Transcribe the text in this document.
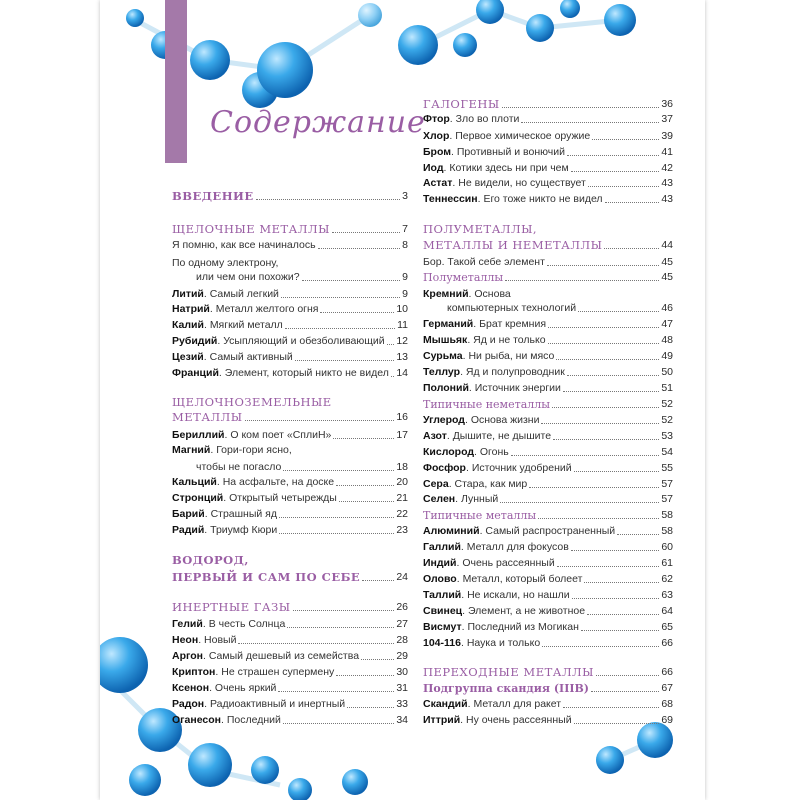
Содержание
ВВЕДЕНИЕ	3
ЩЕЛОЧНЫЕ МЕТАЛЛЫ	7
Я помню, как все начиналось	8
По одному электрону,
или чем они похожи?	9
Литий. Самый легкий	9
Натрий. Металл желтого огня	10
Калий. Мягкий металл	11
Рубидий. Усыпляющий и обезболивающий 12
Цезий. Самый активный	13
Франций. Элемент, который никто не видел 14
ЩЕЛОЧНОЗЕМЕЛЬНЫЕ
МЕТАЛЛЫ	16
Бериллий. О ком поет «СплиН»	17
Магний. Гори-гори ясно,
чтобы не погасло	18
Кальций. На асфальте, на доске	20
Стронций. Открытый четырежды	21
Барий. Страшный яд	22
Радий. Триумф Кюри	23
ВОДОРОД,
ПЕРВЫЙ И САМ ПО СЕБЕ	24
ИНЕРТНЫЕ ГАЗЫ	26
Гелий. В честь Солнца	27
Неон. Новый	28
Аргон. Самый дешевый из семейства	29
Криптон. Не страшен супермену	30
Ксенон. Очень яркий	31
Радон. Радиоактивный и инертный	33
Оганесон. Последний	34
ГАЛОГЕНЫ	36
Фтор. Зло во плоти	37
Хлор. Первое химическое оружие	39
Бром. Противный и вонючий	41
Иод. Котики здесь ни при чем	42
Астат. Не видели, но существует	43
Теннессин. Его тоже никто не видел	43
ПОЛУМЕТАЛЛЫ,
МЕТАЛЛЫ И НЕМЕТАЛЛЫ	44
Бор. Такой себе элемент	45
Полуметаллы	45
Кремний. Основа
компьютерных технологий	46
Германий. Брат кремния	47
Мышьяк. Яд и не только	48
Сурьма. Ни рыба, ни мясо	49
Теллур. Яд и полупроводник	50
Полоний. Источник энергии	51
Типичные неметаллы	52
Углерод. Основа жизни	52
Азот. Дышите, не дышите	53
Кислород. Огонь	54
Фосфор. Источник удобрений	55
Сера. Стара, как мир	57
Селен. Лунный	57
Типичные металлы	58
Алюминий. Самый распространенный	58
Галлий. Металл для фокусов	60
Индий. Очень рассеянный	61
Олово. Металл, который болеет	62
Таллий. Не искали, но нашли	63
Свинец. Элемент, а не животное	64
Висмут. Последний из Могикан	65
104-116. Наука и только	66
ПЕРЕХОДНЫЕ МЕТАЛЛЫ	66
Подгруппа скандия (IIIB)	67
Скандий. Металл для ракет	68
Иттрий. Ну очень рассеянный	69
